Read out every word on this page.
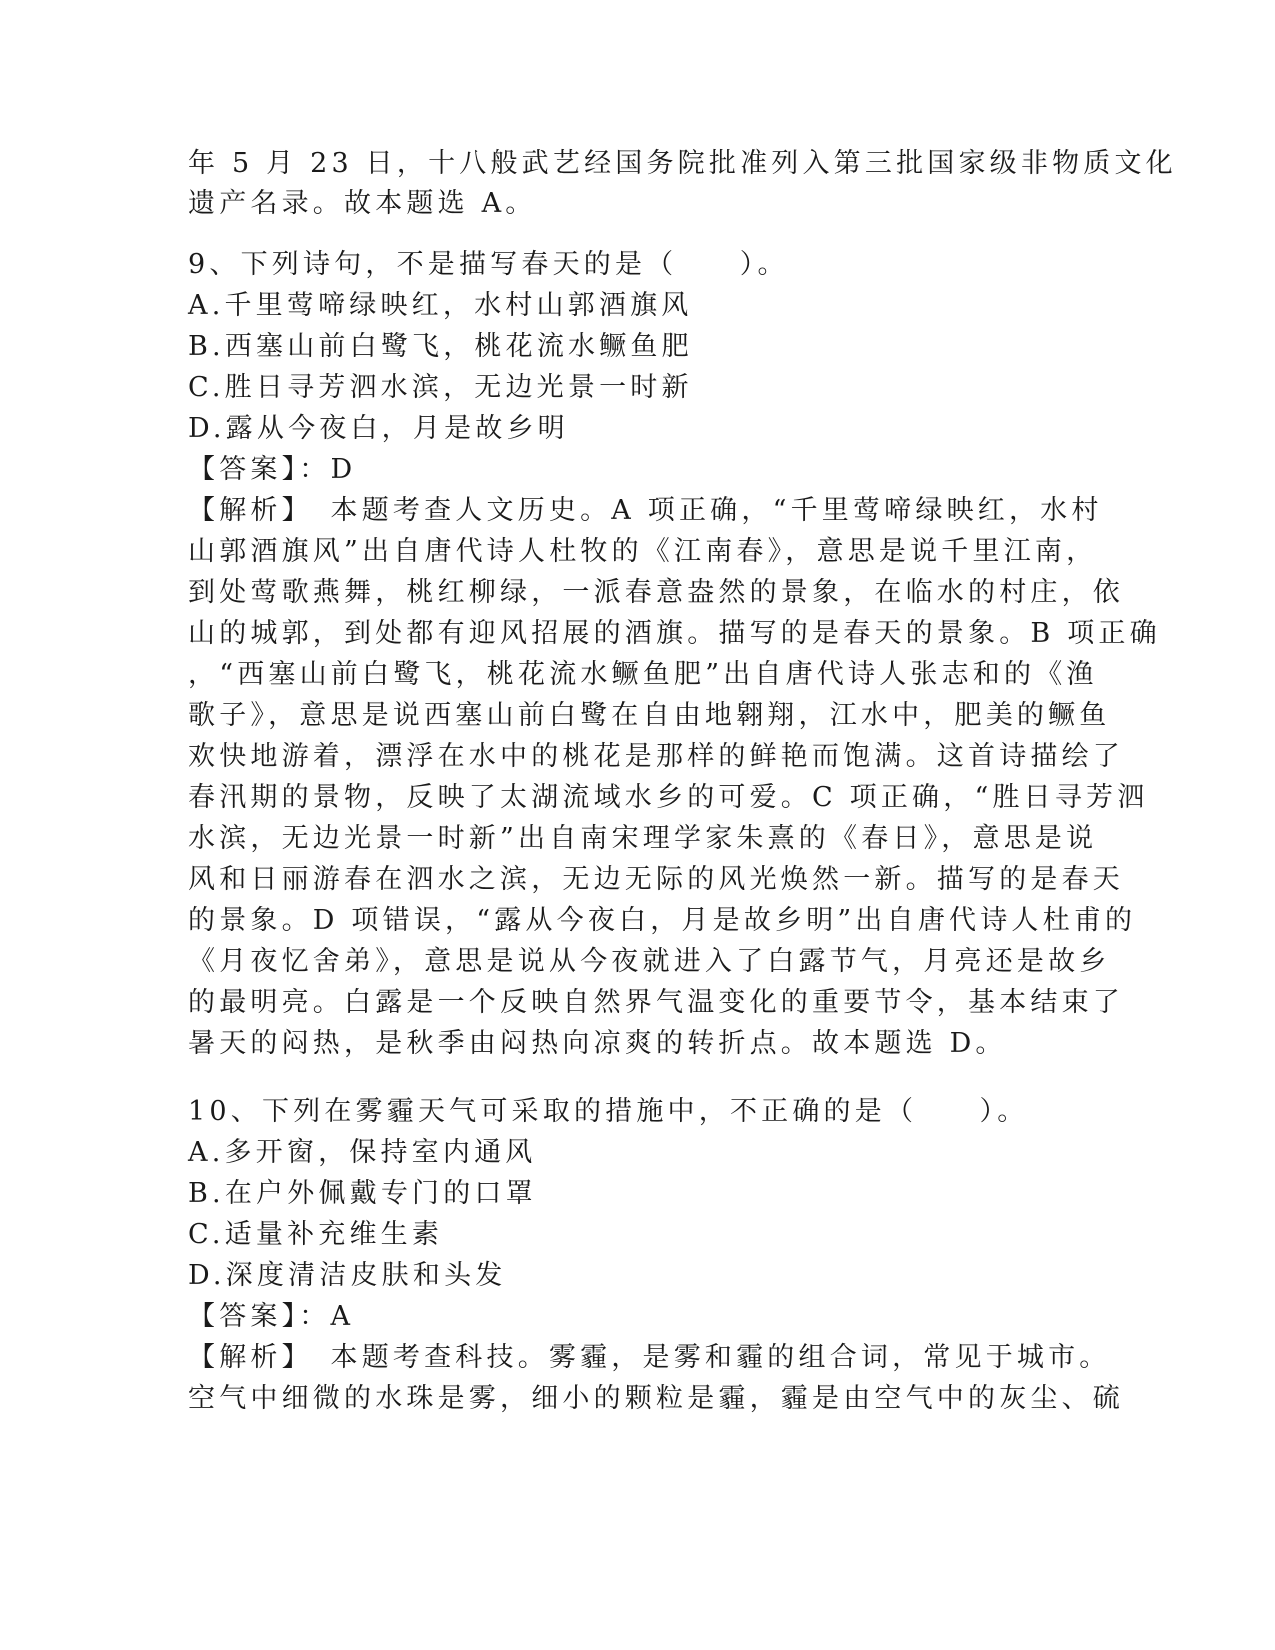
年 5 月 23 日，十八般武艺经国务院批准列入第三批国家级非物质文化
遗产名录。故本题选 A。
9、下列诗句，不是描写春天的是（　　）。
A.千里莺啼绿映红，水村山郭酒旗风
B.西塞山前白鹭飞，桃花流水鳜鱼肥
C.胜日寻芳泗水滨，无边光景一时新
D.露从今夜白，月是故乡明
【答案】：D
【解析】　本题考查人文历史。A 项正确，“千里莺啼绿映红，水村
山郭酒旗风”出自唐代诗人杜牧的《江南春》，意思是说千里江南，
到处莺歌燕舞，桃红柳绿，一派春意盎然的景象，在临水的村庄，依
山的城郭，到处都有迎风招展的酒旗。描写的是春天的景象。B 项正确
，“西塞山前白鹭飞，桃花流水鳜鱼肥”出自唐代诗人张志和的《渔
歌子》，意思是说西塞山前白鹭在自由地翱翔，江水中，肥美的鳜鱼
欢快地游着，漂浮在水中的桃花是那样的鲜艳而饱满。这首诗描绘了
春汛期的景物，反映了太湖流域水乡的可爱。C 项正确，“胜日寻芳泗
水滨，无边光景一时新”出自南宋理学家朱熹的《春日》，意思是说
风和日丽游春在泗水之滨，无边无际的风光焕然一新。描写的是春天
的景象。D 项错误，“露从今夜白，月是故乡明”出自唐代诗人杜甫的
《月夜忆舍弟》，意思是说从今夜就进入了白露节气，月亮还是故乡
的最明亮。白露是一个反映自然界气温变化的重要节令，基本结束了
暑天的闷热，是秋季由闷热向凉爽的转折点。故本题选 D。
10、下列在雾霾天气可采取的措施中，不正确的是（　　）。
A.多开窗，保持室内通风
B.在户外佩戴专门的口罩
C.适量补充维生素
D.深度清洁皮肤和头发
【答案】：A
【解析】　本题考查科技。雾霾，是雾和霾的组合词，常见于城市。
空气中细微的水珠是雾，细小的颗粒是霾，霾是由空气中的灰尘、硫
